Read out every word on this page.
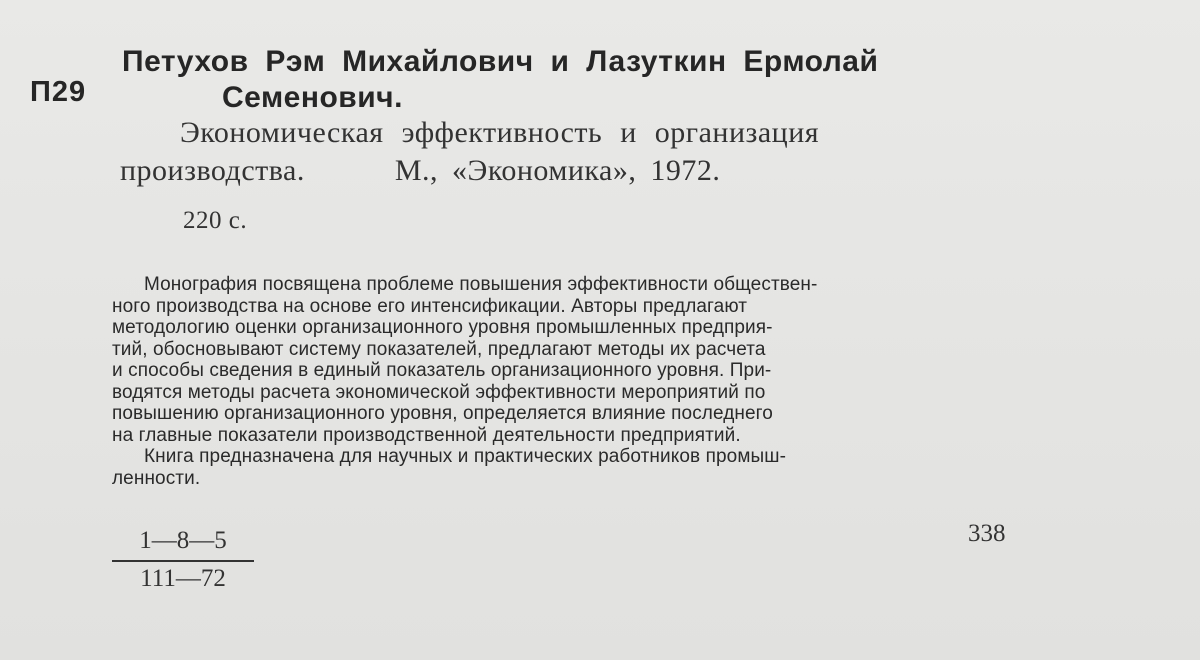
П29
Петухов Рэм Михайлович и Лазуткин Ермолай
Семенович.
Экономическая эффективность и организация
производства.	М., «Экономика», 1972.
220 с.
Монография посвящена проблеме повышения эффективности обществен-
ного производства на основе его интенсификации. Авторы предлагают
методологию оценки организационного уровня промышленных предприя-
тий, обосновывают систему показателей, предлагают методы их расчета
и способы сведения в единый показатель организационного уровня. При-
водятся методы расчета экономической эффективности мероприятий по
повышению организационного уровня, определяется влияние последнего
на главные показатели производственной деятельности предприятий.
Книга предназначена для научных и практических работников промыш-
ленности.
1—8—5
111—72
338
